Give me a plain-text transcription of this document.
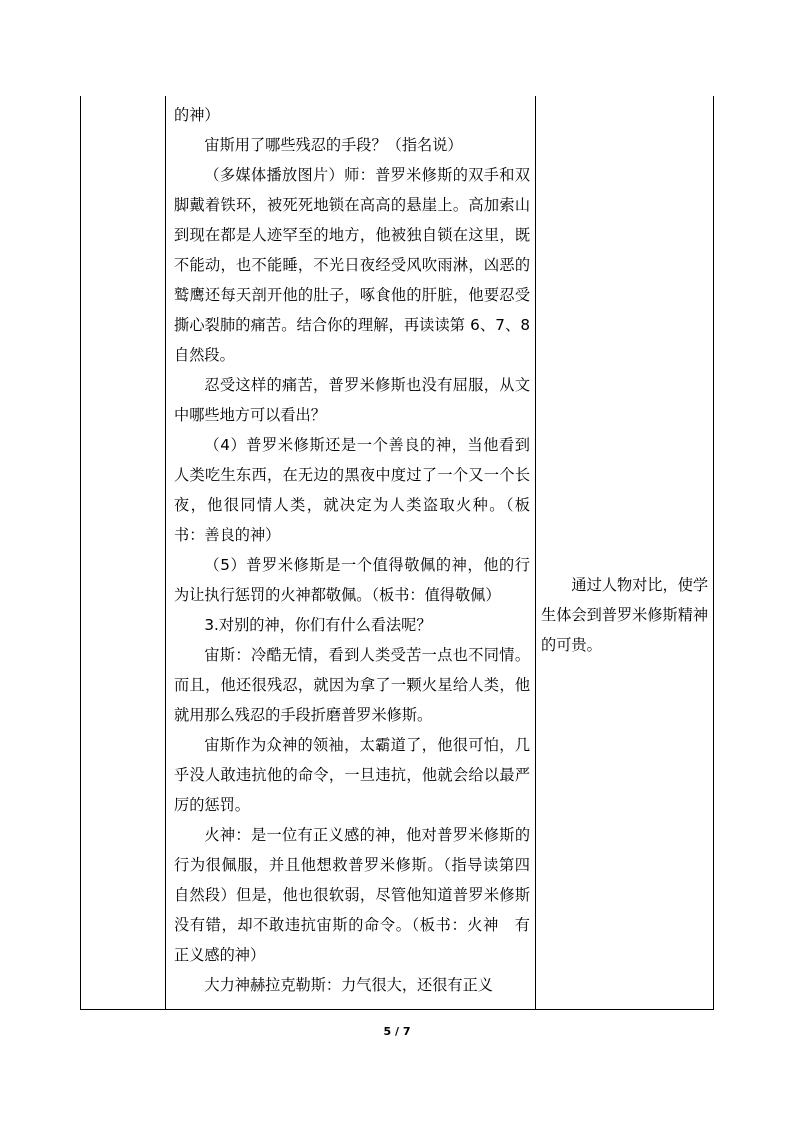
的神）

宙斯用了哪些残忍的手段？（指名说）

（多媒体播放图片）师：普罗米修斯的双手和双脚戴着铁环，被死死地锁在高高的悬崖上。高加索山到现在都是人迹罕至的地方，他被独自锁在这里，既不能动，也不能睡，不光日夜经受风吹雨淋，凶恶的鹫鹰还每天剖开他的肚子，啄食他的肝脏，他要忍受撕心裂肺的痛苦。结合你的理解，再读读第 6、7、8 自然段。

忍受这样的痛苦，普罗米修斯也没有屈服，从文中哪些地方可以看出？

（4）普罗米修斯还是一个善良的神，当他看到人类吃生东西，在无边的黑夜中度过了一个又一个长夜，他很同情人类，就决定为人类盗取火种。（板书：善良的神）

（5）普罗米修斯是一个值得敬佩的神，他的行为让执行惩罚的火神都敬佩。（板书：值得敬佩）

3.对别的神，你们有什么看法呢？

宙斯：冷酷无情，看到人类受苦一点也不同情。而且，他还很残忍，就因为拿了一颗火星给人类，他就用那么残忍的手段折磨普罗米修斯。

宙斯作为众神的领袖，太霸道了，他很可怕，几乎没人敢违抗他的命令，一旦违抗，他就会给以最严厉的惩罚。

火神：是一位有正义感的神，他对普罗米修斯的行为很佩服，并且他想救普罗米修斯。（指导读第四自然段）但是，他也很软弱，尽管他知道普罗米修斯没有错，却不敢违抗宙斯的命令。（板书：火神　有正义感的神）

大力神赫拉克勒斯：力气很大，还很有正义

通过人物对比，使学生体会到普罗米修斯精神的可贵。

5 / 7
